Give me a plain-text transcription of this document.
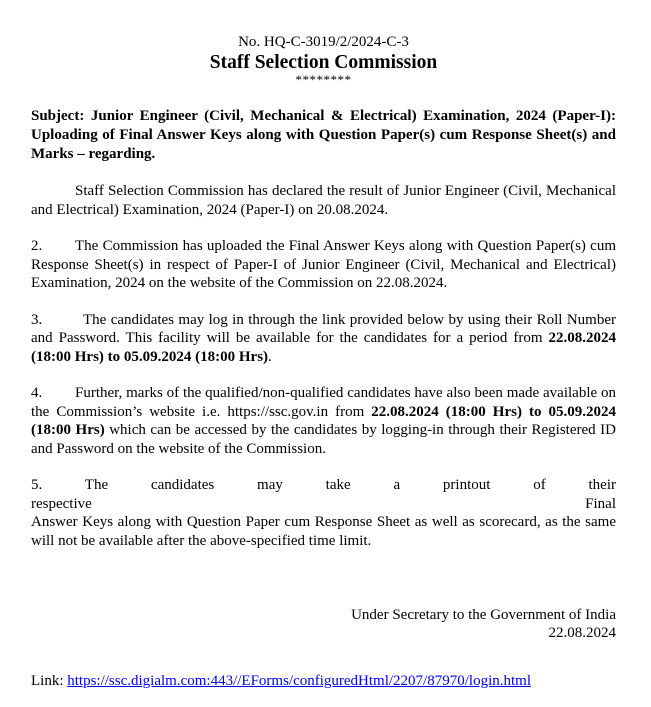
No. HQ-C-3019/2/2024-C-3
Staff Selection Commission
********
Subject: Junior Engineer (Civil, Mechanical & Electrical) Examination, 2024 (Paper-I): Uploading of Final Answer Keys along with Question Paper(s) cum Response Sheet(s) and Marks – regarding.
Staff Selection Commission has declared the result of Junior Engineer (Civil, Mechanical and Electrical) Examination, 2024 (Paper-I) on 20.08.2024.
2. The Commission has uploaded the Final Answer Keys along with Question Paper(s) cum Response Sheet(s) in respect of Paper-I of Junior Engineer (Civil, Mechanical and Electrical) Examination, 2024 on the website of the Commission on 22.08.2024.
3.	The candidates may log in through the link provided below by using their Roll Number and Password. This facility will be available for the candidates for a period from 22.08.2024 (18:00 Hrs) to 05.09.2024 (18:00 Hrs).
4. Further, marks of the qualified/non-qualified candidates have also been made available on the Commission’s website i.e. https://ssc.gov.in from 22.08.2024 (18:00 Hrs) to 05.09.2024 (18:00 Hrs) which can be accessed by the candidates by logging-in through their Registered ID and Password on the website of the Commission.
5.	The candidates may take a printout of their respective Final
Answer Keys along with Question Paper cum Response Sheet as well as scorecard, as the same will not be available after the above-specified time limit.
Under Secretary to the Government of India
22.08.2024
Link: https://ssc.digialm.com:443//EForms/configuredHtml/2207/87970/login.html
